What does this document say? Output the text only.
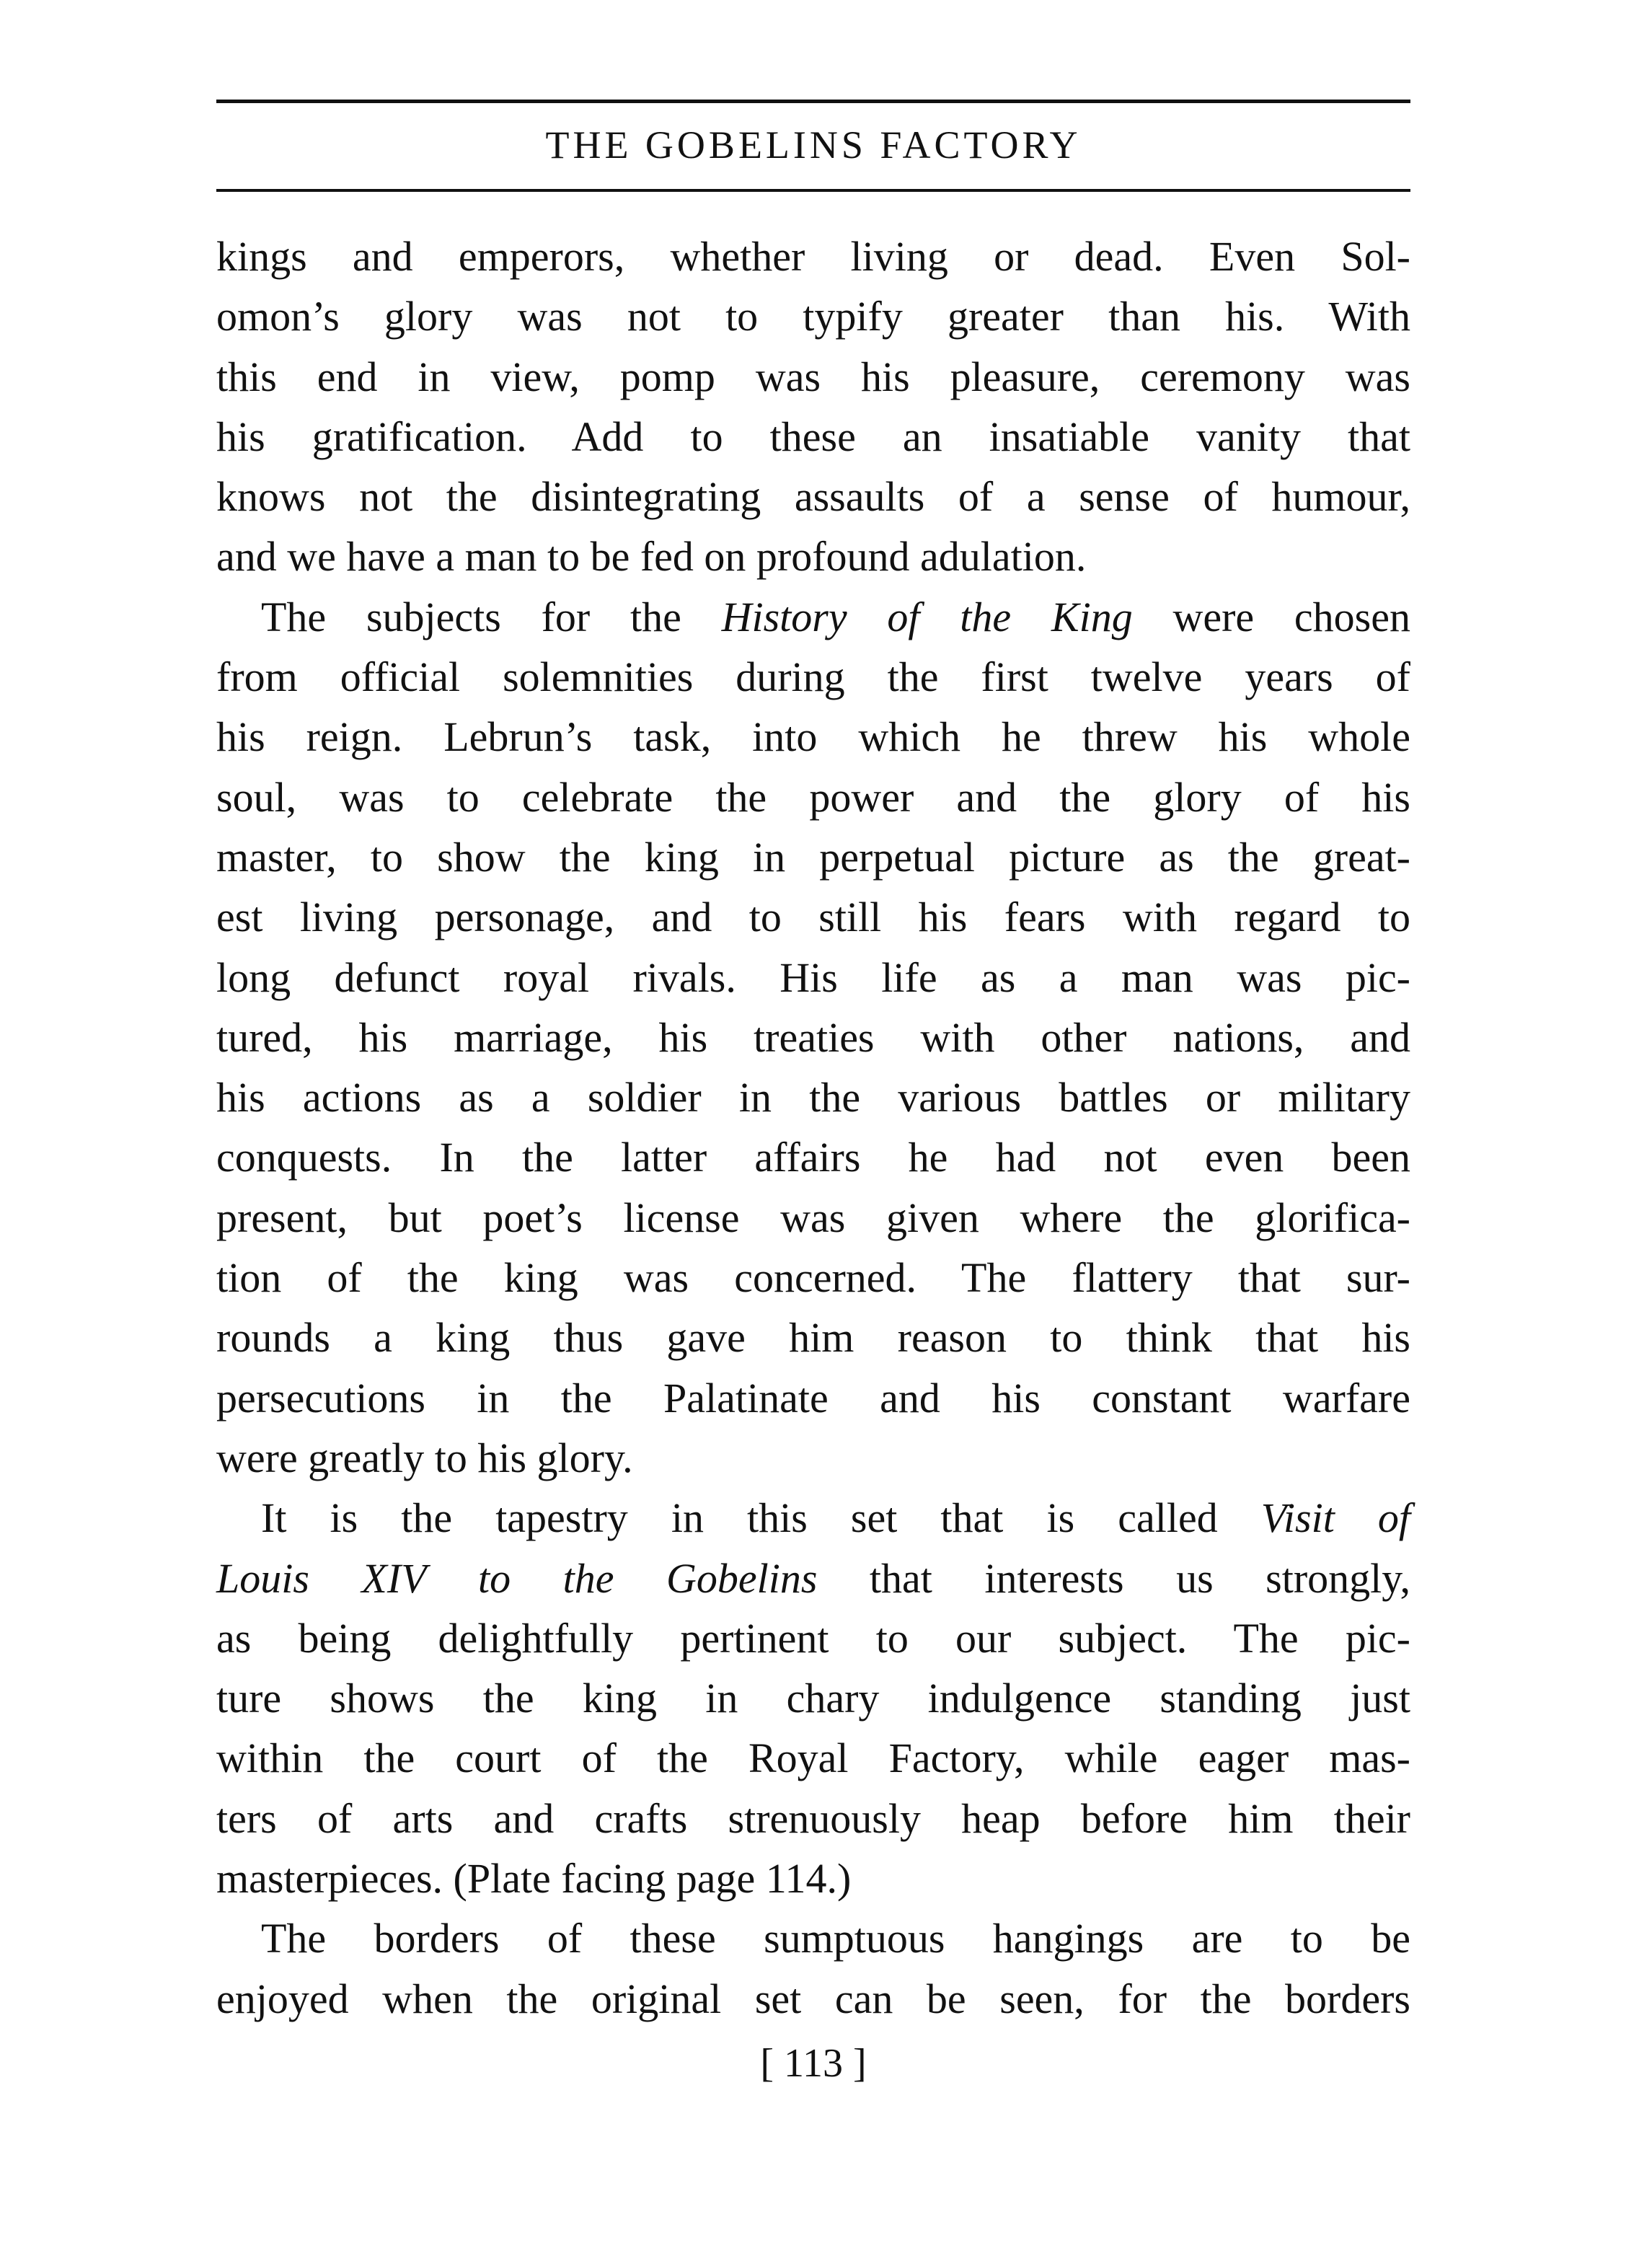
THE GOBELINS FACTORY
kings and emperors, whether living or dead. Even Sol-
omon’s glory was not to typify greater than his. With
this end in view, pomp was his pleasure, ceremony was
his gratification. Add to these an insatiable vanity that
knows not the disintegrating assaults of a sense of humour,
and we have a man to be fed on profound adulation.
The subjects for the History of the King were chosen
from official solemnities during the first twelve years of
his reign. Lebrun’s task, into which he threw his whole
soul, was to celebrate the power and the glory of his
master, to show the king in perpetual picture as the great-
est living personage, and to still his fears with regard to
long defunct royal rivals. His life as a man was pic-
tured, his marriage, his treaties with other nations, and
his actions as a soldier in the various battles or military
conquests. In the latter affairs he had not even been
present, but poet’s license was given where the glorifica-
tion of the king was concerned. The flattery that sur-
rounds a king thus gave him reason to think that his
persecutions in the Palatinate and his constant warfare
were greatly to his glory.
It is the tapestry in this set that is called Visit of
Louis XIV to the Gobelins that interests us strongly,
as being delightfully pertinent to our subject. The pic-
ture shows the king in chary indulgence standing just
within the court of the Royal Factory, while eager mas-
ters of arts and crafts strenuously heap before him their
masterpieces. (Plate facing page 114.)
The borders of these sumptuous hangings are to be
enjoyed when the original set can be seen, for the borders
[ 113 ]
